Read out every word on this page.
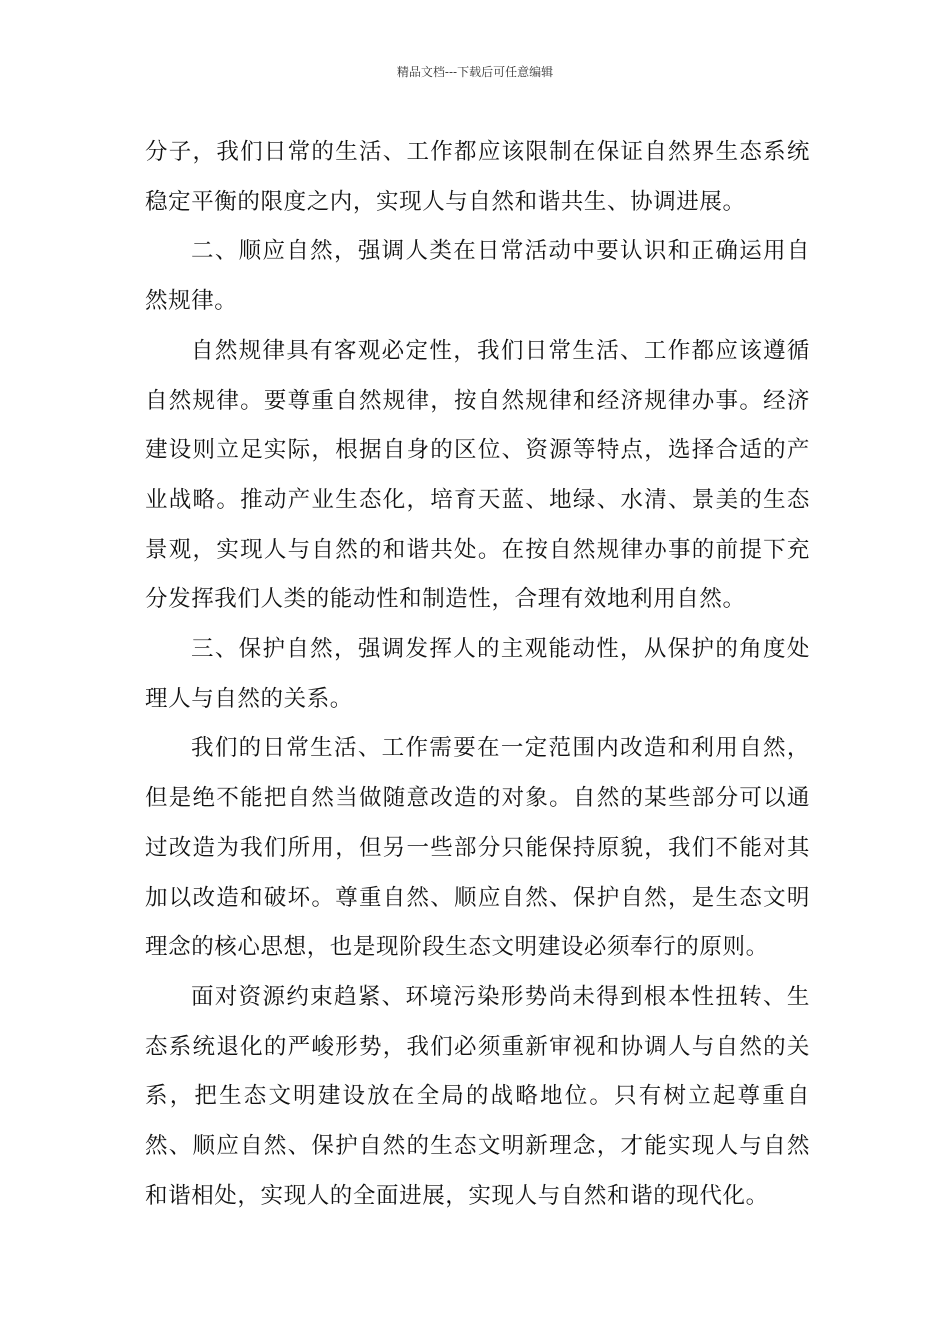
精品文档---下载后可任意编辑

分子，我们日常的生活、工作都应该限制在保证自然界生态系统稳定平衡的限度之内，实现人与自然和谐共生、协调进展。

二、顺应自然，强调人类在日常活动中要认识和正确运用自然规律。

自然规律具有客观必定性，我们日常生活、工作都应该遵循自然规律。要尊重自然规律，按自然规律和经济规律办事。经济建设则立足实际，根据自身的区位、资源等特点，选择合适的产业战略。推动产业生态化，培育天蓝、地绿、水清、景美的生态景观，实现人与自然的和谐共处。在按自然规律办事的前提下充分发挥我们人类的能动性和制造性，合理有效地利用自然。

三、保护自然，强调发挥人的主观能动性，从保护的角度处理人与自然的关系。

我们的日常生活、工作需要在一定范围内改造和利用自然，但是绝不能把自然当做随意改造的对象。自然的某些部分可以通过改造为我们所用，但另一些部分只能保持原貌，我们不能对其加以改造和破坏。尊重自然、顺应自然、保护自然，是生态文明理念的核心思想，也是现阶段生态文明建设必须奉行的原则。

面对资源约束趋紧、环境污染形势尚未得到根本性扭转、生态系统退化的严峻形势，我们必须重新审视和协调人与自然的关系，把生态文明建设放在全局的战略地位。只有树立起尊重自然、顺应自然、保护自然的生态文明新理念，才能实现人与自然和谐相处，实现人的全面进展，实现人与自然和谐的现代化。
